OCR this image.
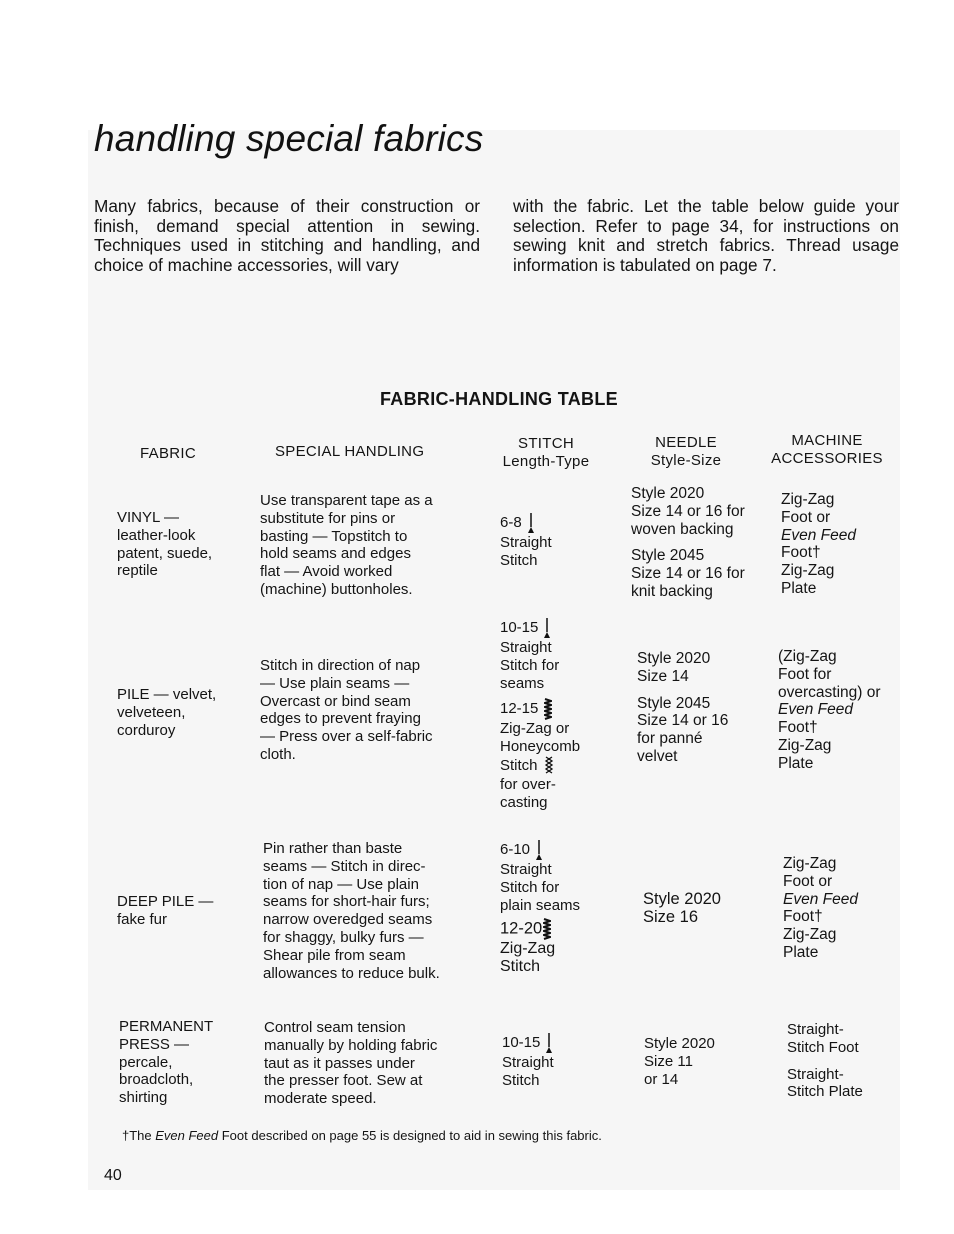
handling special fabrics

Many fabrics, because of their construction or finish, demand special attention in sewing. Techniques used in stitching and handling, and choice of machine accessories, will vary

with the fabric. Let the table below guide your selection. Refer to page 34, for instructions on sewing knit and stretch fabrics. Thread usage information is tabulated on page 7.

FABRIC-HANDLING TABLE
FABRIC	SPECIAL HANDLING	STITCH
Length-Type
NEEDLE
Style-Size
MACHINE
ACCESSORIES
VINYL —
leather-look
patent, suede,
reptile
Use transparent tape as a
substitute for pins or
basting — Topstitch to
hold seams and edges
flat — Avoid worked
(machine) buttonholes.
6-8
Straight
Stitch
Style 2020
Size 14 or 16 for
woven backing
Style 2045
Size 14 or 16 for
knit backing
Zig-Zag
Foot or
Even Feed
Foot†
Zig-Zag
Plate
PILE — velvet,
velveteen,
corduroy
Stitch in direction of nap
— Use plain seams —
Overcast or bind seam
edges to prevent fraying
— Press over a self-fabric
cloth.
10-15
Straight
Stitch for
seams
12-15
Zig-Zag or
Honeycomb
Stitch
for over-
casting
Style 2020
Size 14
Style 2045
Size 14 or 16
for panné
velvet
(Zig-Zag
Foot for
overcasting) or
Even Feed
Foot†
Zig-Zag
Plate
DEEP PILE —
fake fur
Pin rather than baste
seams — Stitch in direc-
tion of nap — Use plain
seams for short-hair furs;
narrow overedged seams
for shaggy, bulky furs —
Shear pile from seam
allowances to reduce bulk.
6-10
Straight
Stitch for
plain seams
12-20
Zig-Zag
Stitch
Style 2020
Size 16
Zig-Zag
Foot or
Even Feed
Foot†
Zig-Zag
Plate
PERMANENT
PRESS —
percale,
broadcloth,
shirting
Control seam tension
manually by holding fabric
taut as it passes under
the presser foot. Sew at
moderate speed.
10-15
Straight
Stitch
Style 2020
Size 11
or 14
Straight-
Stitch Foot
Straight-
Stitch Plate

†The Even Feed Foot described on page 55 is designed to aid in sewing this fabric.

40
